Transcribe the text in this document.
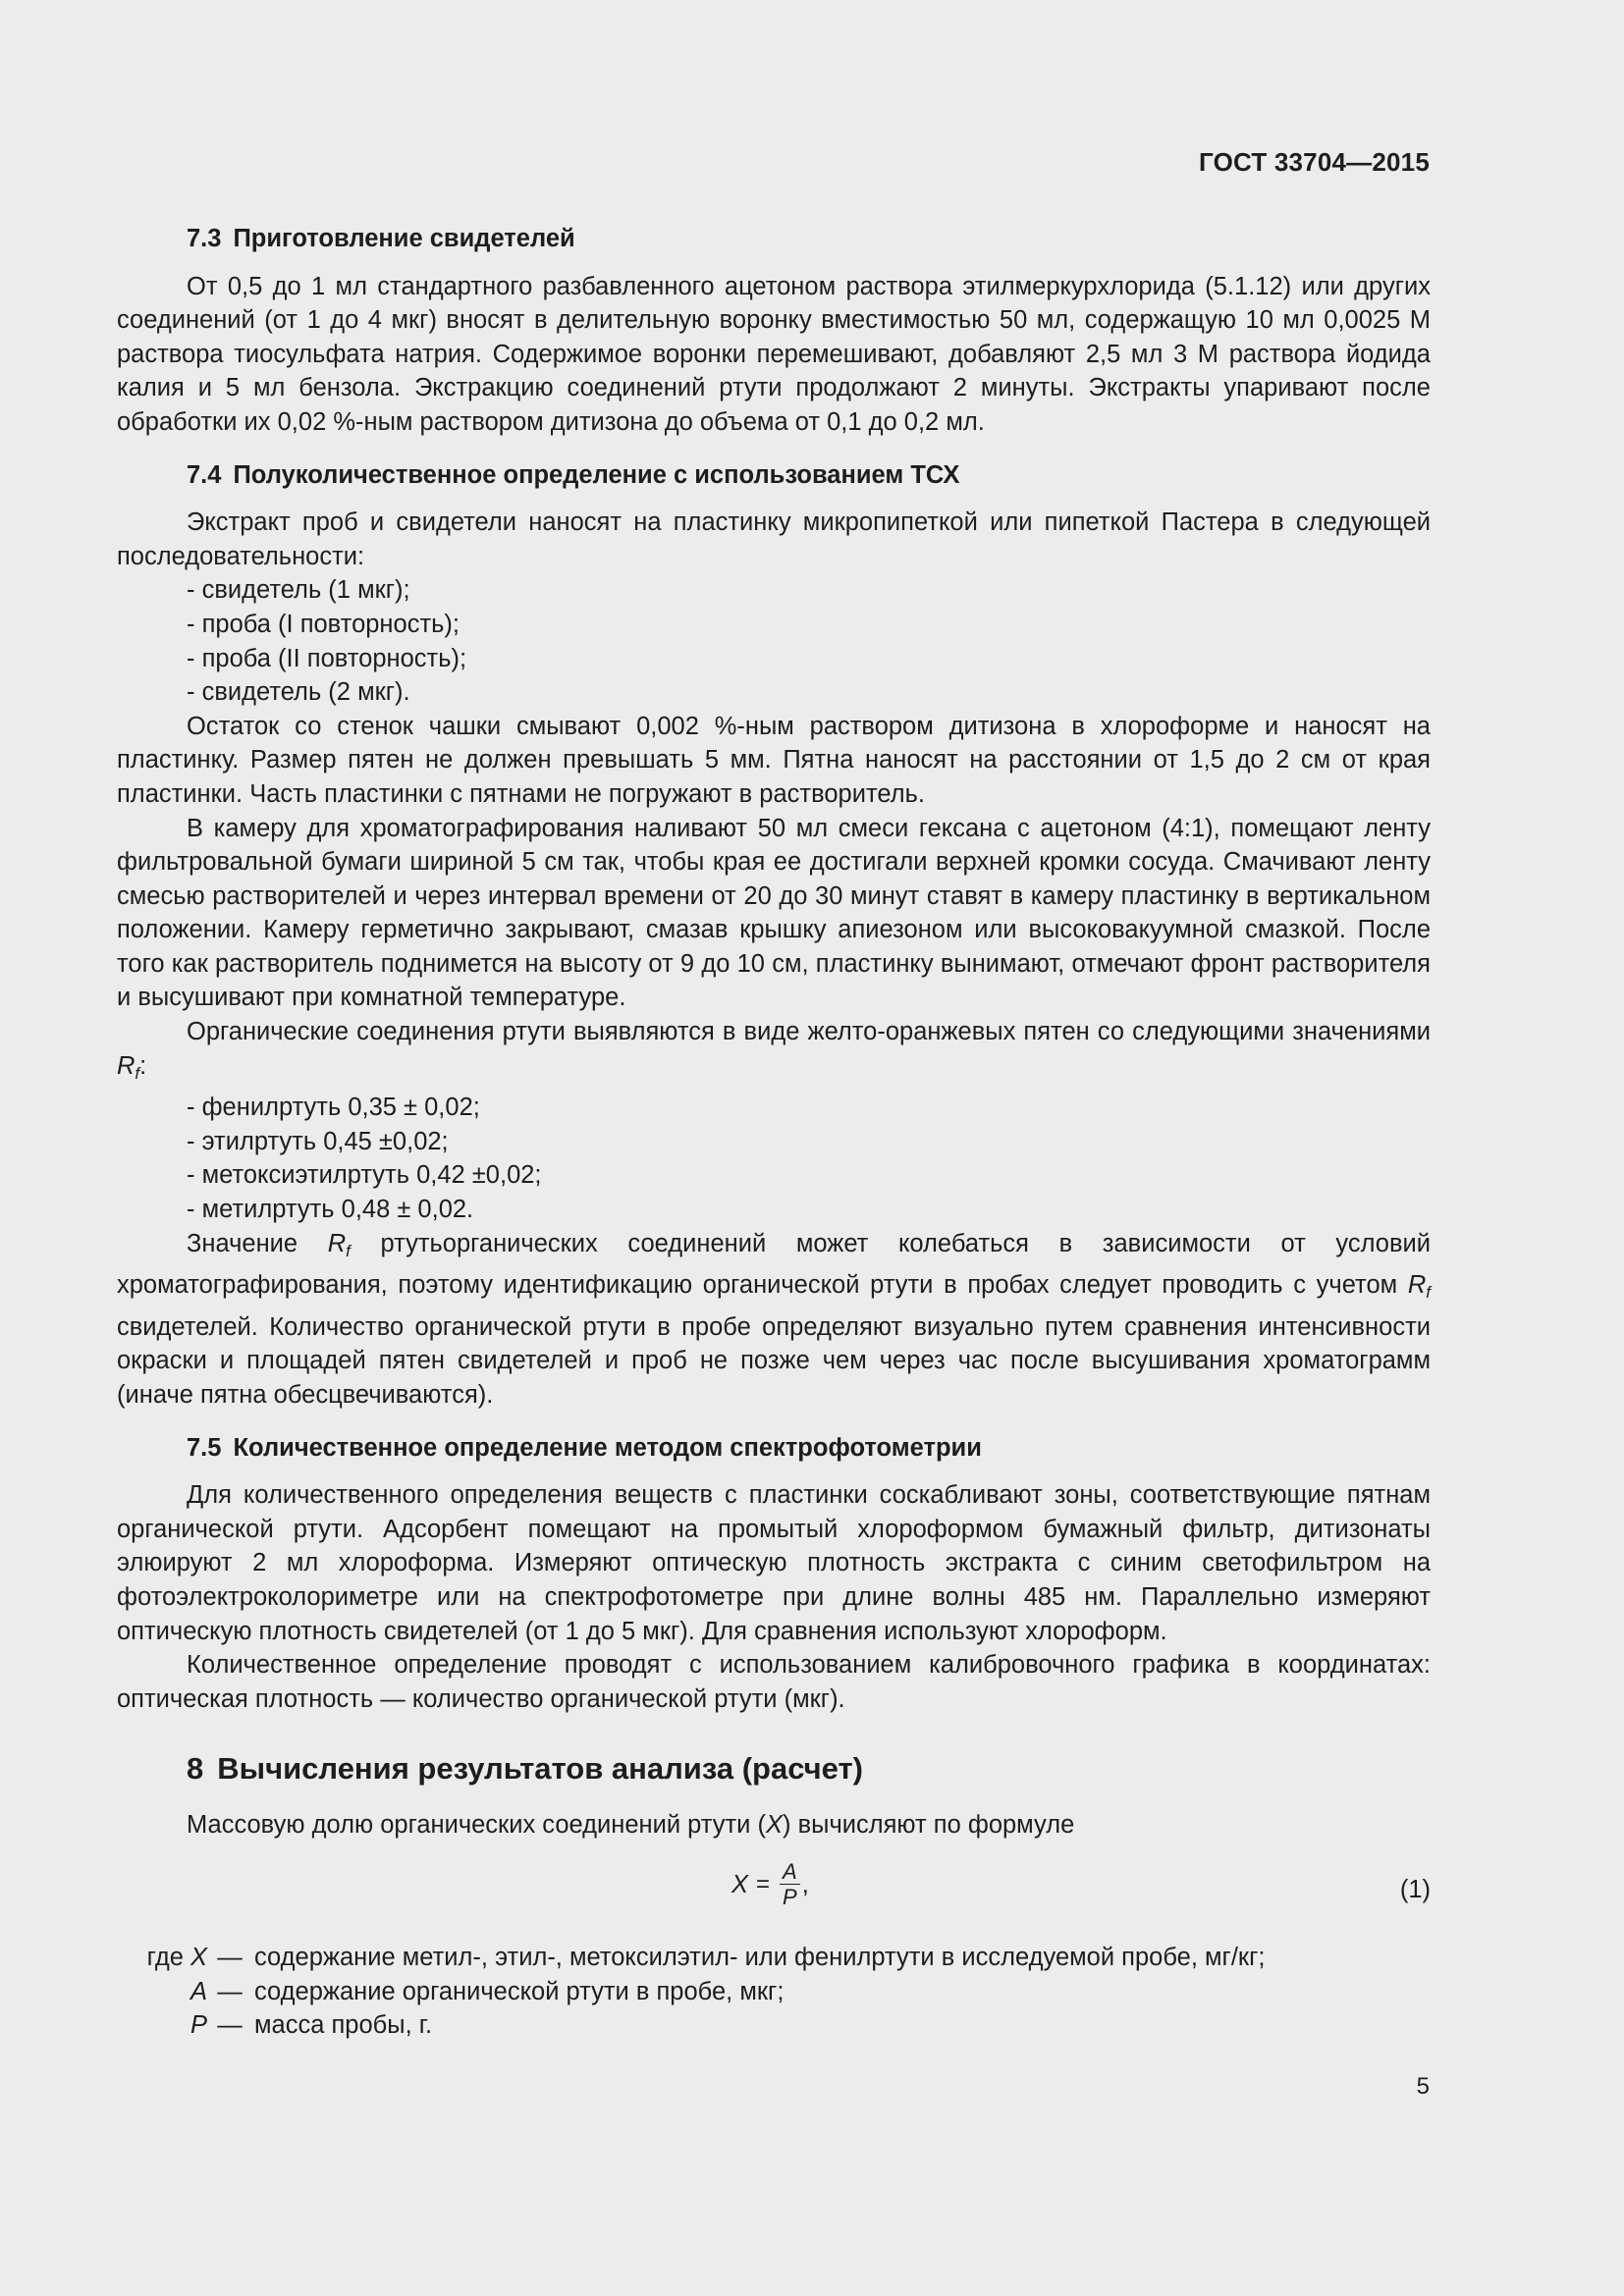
ГОСТ 33704—2015
7.3 Приготовление свидетелей

От 0,5 до 1 мл стандартного разбавленного ацетоном раствора этилмеркурхлорида (5.1.12) или других соединений (от 1 до 4 мкг) вносят в делительную воронку вместимостью 50 мл, содержащую 10 мл 0,0025 М раствора тиосульфата натрия. Содержимое воронки перемешивают, добавляют 2,5 мл 3 М раствора йодида калия и 5 мл бензола. Экстракцию соединений ртути продолжают 2 минуты. Экстракты упаривают после обработки их 0,02 %-ным раствором дитизона до объема от 0,1 до 0,2 мл.

7.4 Полуколичественное определение с использованием ТСХ

Экстракт проб и свидетели наносят на пластинку микропипеткой или пипеткой Пастера в следующей последовательности:

- свидетель (1 мкг);

- проба (I повторность);

- проба (II повторность);

- свидетель (2 мкг).

Остаток со стенок чашки смывают 0,002 %-ным раствором дитизона в хлороформе и наносят на пластинку. Размер пятен не должен превышать 5 мм. Пятна наносят на расстоянии от 1,5 до 2 см от края пластинки. Часть пластинки с пятнами не погружают в растворитель.

В камеру для хроматографирования наливают 50 мл смеси гексана с ацетоном (4:1), помещают ленту фильтровальной бумаги шириной 5 см так, чтобы края ее достигали верхней кромки сосуда. Смачивают ленту смесью растворителей и через интервал времени от 20 до 30 минут ставят в камеру пластинку в вертикальном положении. Камеру герметично закрывают, смазав крышку апиезоном или высоковакуумной смазкой. После того как растворитель поднимется на высоту от 9 до 10 см, пластинку вынимают, отмечают фронт растворителя и высушивают при комнатной температуре.

Органические соединения ртути выявляются в виде желто-оранжевых пятен со следующими значениями $R_f$:

- фенилртуть 0,35 ± 0,02;

- этилртуть 0,45 ±0,02;

- метоксиэтилртуть 0,42 ±0,02;

- метилртуть 0,48 ± 0,02.

Значение $R_f$ ртутьорганических соединений может колебаться в зависимости от условий хроматографирования, поэтому идентификацию органической ртути в пробах следует проводить с учетом $R_f$ свидетелей. Количество органической ртути в пробе определяют визуально путем сравнения интенсивности окраски и площадей пятен свидетелей и проб не позже чем через час после высушивания хроматограмм (иначе пятна обесцвечиваются).

7.5 Количественное определение методом спектрофотометрии

Для количественного определения веществ с пластинки соскабливают зоны, соответствующие пятнам органической ртути. Адсорбент помещают на промытый хлороформом бумажный фильтр, дитизонаты элюируют 2 мл хлороформа. Измеряют оптическую плотность экстракта с синим светофильтром на фотоэлектроколориметре или на спектрофотометре при длине волны 485 нм. Параллельно измеряют оптическую плотность свидетелей (от 1 до 5 мкг). Для сравнения используют хлороформ.

Количественное определение проводят с использованием калибровочного графика в координатах: оптическая плотность — количество органической ртути (мкг).

8 Вычисления результатов анализа (расчет)

Массовую долю органических соединений ртути (X) вычисляют по формуле

$X = \frac{A}{P}$ ,	(1)
где X — содержание метил-, этил-, метоксилэтил- или фенилртути в исследуемой пробе, мг/кг;
A — содержание органической ртути в пробе, мкг;
P — масса пробы, г.
5
